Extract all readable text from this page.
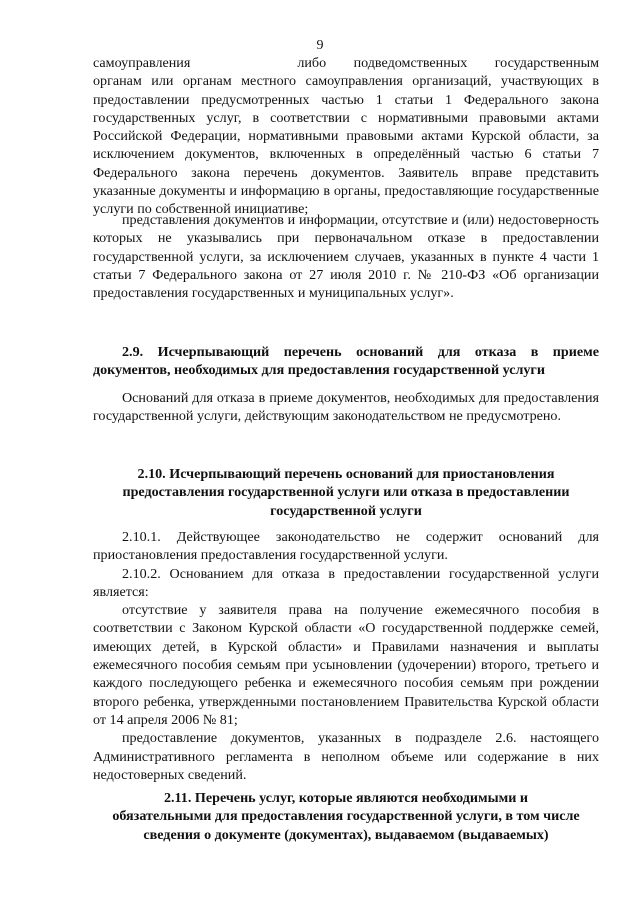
9

самоуправления	либо подведомственных государственным

органам или органам местного самоуправления организаций, участвующих в предоставлении предусмотренных частью 1 статьи 1 Федерального закона государственных услуг, в соответствии с нормативными правовыми актами Российской Федерации, нормативными правовыми актами Курской области, за исключением документов, включенных в определённый частью 6 статьи 7 Федерального закона перечень документов. Заявитель вправе представить указанные документы и информацию в органы, предоставляющие государственные услуги по собственной инициативе;

представления документов и информации, отсутствие и (или) недостоверность которых не указывались при первоначальном отказе в предоставлении государственной услуги, за исключением случаев, указанных в пункте 4 части 1 статьи 7 Федерального закона от 27 июля 2010 г. № 210-ФЗ «Об организации предоставления государственных и муниципальных услуг».

2.9. Исчерпывающий перечень оснований для отказа в приеме
документов, необходимых для предоставления государственной услуги

Оснований для отказа в приеме документов, необходимых для предоставления государственной услуги, действующим законодательством не предусмотрено.

2.10. Исчерпывающий перечень оснований для приостановления
предоставления государственной услуги или отказа в предоставлении
государственной услуги

2.10.1. Действующее законодательство не содержит оснований для приостановления предоставления государственной услуги.

2.10.2. Основанием для отказа в предоставлении государственной услуги является:

отсутствие у заявителя права на получение ежемесячного пособия в соответствии с Законом Курской области «О государственной поддержке семей, имеющих детей, в Курской области» и Правилами назначения и выплаты ежемесячного пособия семьям при усыновлении (удочерении) второго, третьего и каждого последующего ребенка и ежемесячного пособия семьям при рождении второго ребенка, утвержденными постановлением Правительства Курской области от 14 апреля 2006 № 81;

предоставление документов, указанных в подразделе 2.6. настоящего Административного регламента в неполном объеме или содержание в них недостоверных сведений.

2.11. Перечень услуг, которые являются необходимыми и
обязательными для предоставления государственной услуги, в том числе
сведения о документе (документах), выдаваемом (выдаваемых)
